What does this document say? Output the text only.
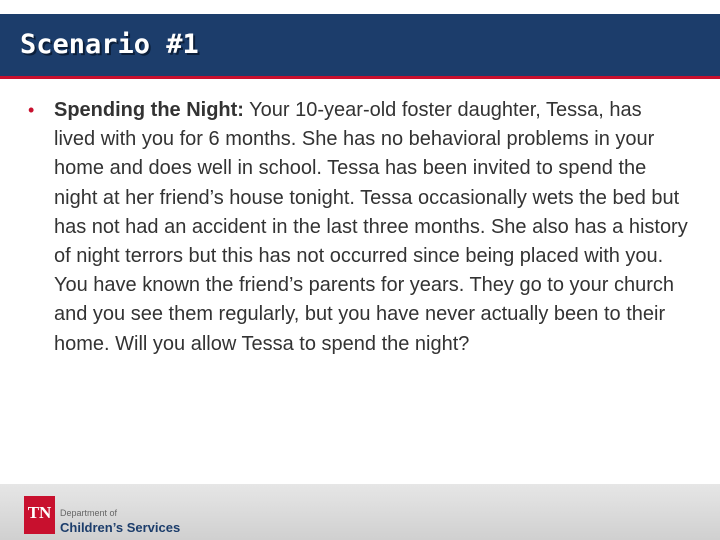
Scenario #1
• Spending the Night: Your 10-year-old foster daughter, Tessa, has lived with you for 6 months. She has no behavioral problems in your home and does well in school. Tessa has been invited to spend the night at her friend’s house tonight. Tessa occasionally wets the bed but has not had an accident in the last three months. She also has a history of night terrors but this has not occurred since being placed with you. You have known the friend’s parents for years. They go to your church and you see them regularly, but you have never actually been to their home. Will you allow Tessa to spend the night?
TN Department of
Children’s Services
